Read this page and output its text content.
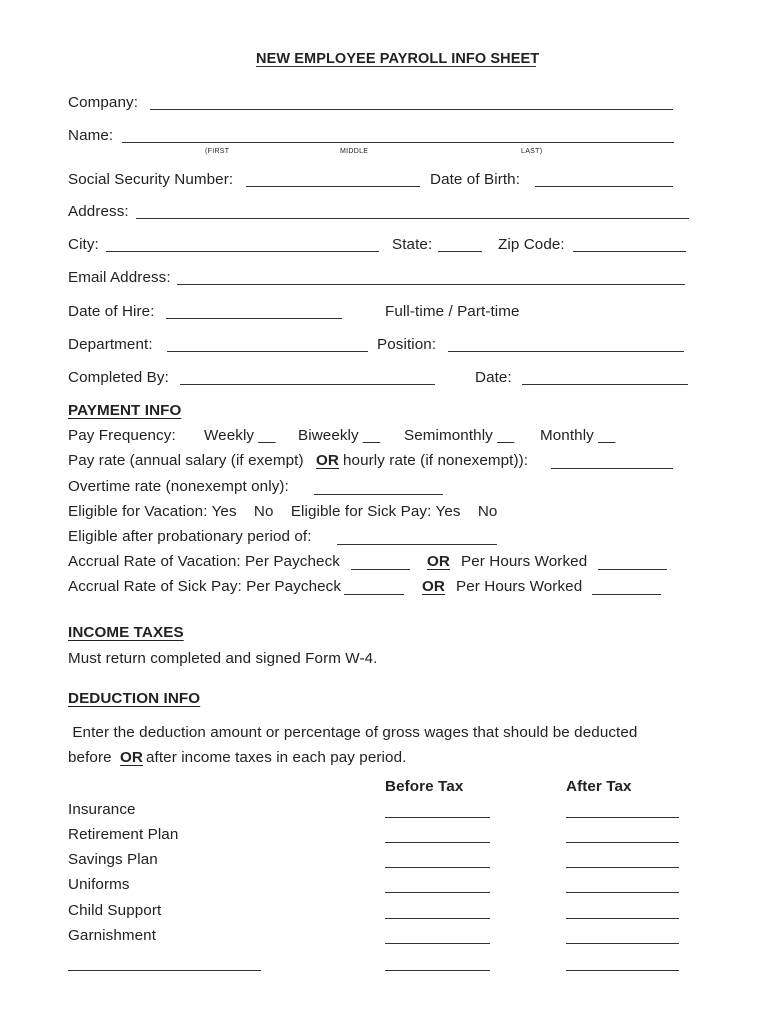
NEW EMPLOYEE PAYROLL INFO SHEET
Company:
Name:
(FIRST	MIDDLE	LAST)
Social Security Number:	Date of Birth:
Address:
City:	State:	Zip Code:
Email Address:
Date of Hire:	Full-time / Part-time
Department:	Position:
Completed By:	Date:
PAYMENT INFO
Pay Frequency: Weekly __ Biweekly __ Semimonthly __ Monthly __
Pay rate (annual salary (if exempt) OR hourly rate (if nonexempt)):
Overtime rate (nonexempt only):
Eligible for Vacation: Yes    No    Eligible for Sick Pay: Yes    No
Eligible after probationary period of:
Accrual Rate of Vacation: Per Paycheck	OR Per Hours Worked
Accrual Rate of Sick Pay: Per Paycheck	OR Per Hours Worked
INCOME TAXES
Must return completed and signed Form W-4.
DEDUCTION INFO
Enter the deduction amount or percentage of gross wages that should be deducted
before OR after income taxes in each pay period.
Before Tax	After Tax
Insurance
Retirement Plan
Savings Plan
Uniforms
Child Support
Garnishment
